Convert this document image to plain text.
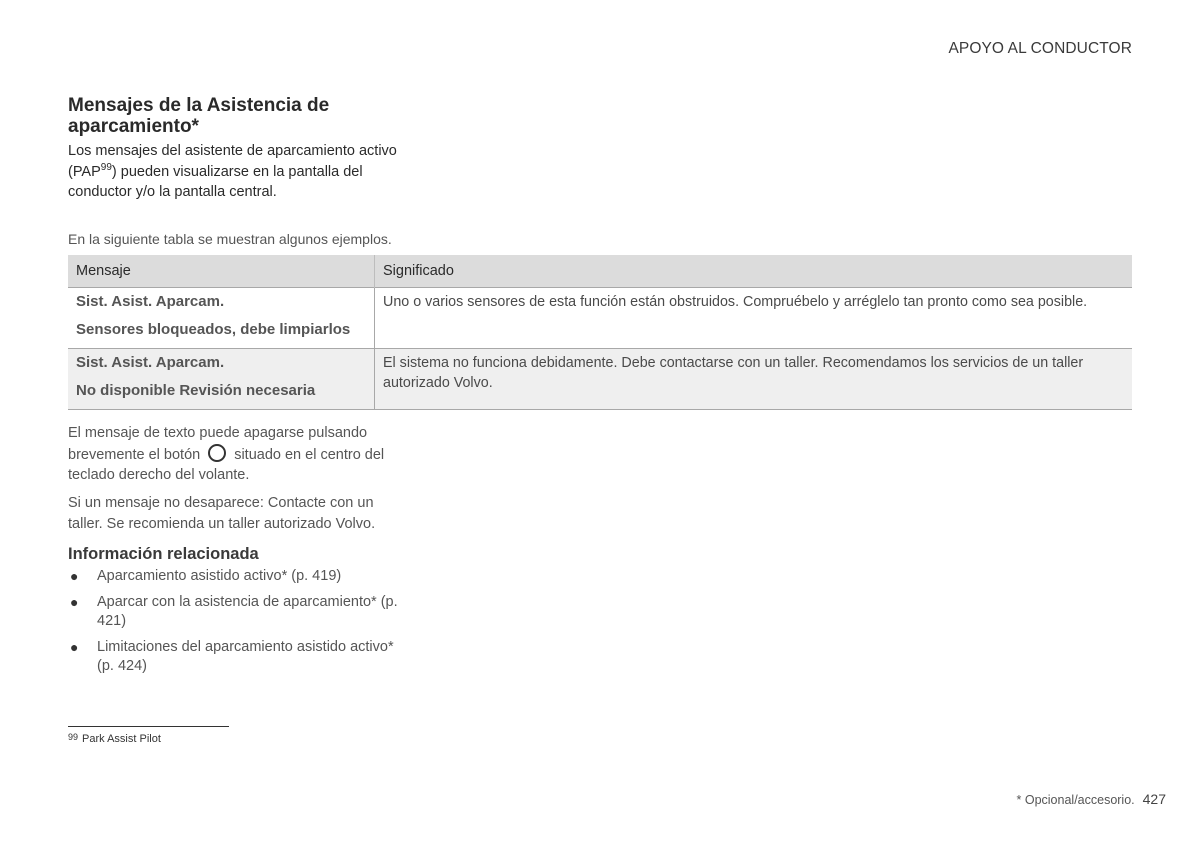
APOYO AL CONDUCTOR
Mensajes de la Asistencia de aparcamiento*

Los mensajes del asistente de aparcamiento activo (PAP$^{99}$) pueden visualizarse en la pantalla del conductor y/o la pantalla central.

En la siguiente tabla se muestran algunos ejemplos.

Mensaje	Significado

Sist. Asist. Aparcam.
Sensores bloqueados, debe limpiarlos	Uno o varios sensores de esta función están obstruidos. Compruébelo y arréglelo tan pronto como sea posible.

Sist. Asist. Aparcam.
No disponible Revisión necesaria	El sistema no funciona debidamente. Debe contactarse con un taller. Recomendamos los servicios de un taller autorizado Volvo.

El mensaje de texto puede apagarse pulsando brevemente el botón situado en el centro del teclado derecho del volante.

Si un mensaje no desaparece: Contacte con un taller. Se recomienda un taller autorizado Volvo.

Información relacionada
● Aparcamiento asistido activo* (p. 419)
● Aparcar con la asistencia de aparcamiento* (p. 421)
● Limitaciones del aparcamiento asistido activo* (p. 424)
99 Park Assist Pilot
* Opcional/accesorio. 427
